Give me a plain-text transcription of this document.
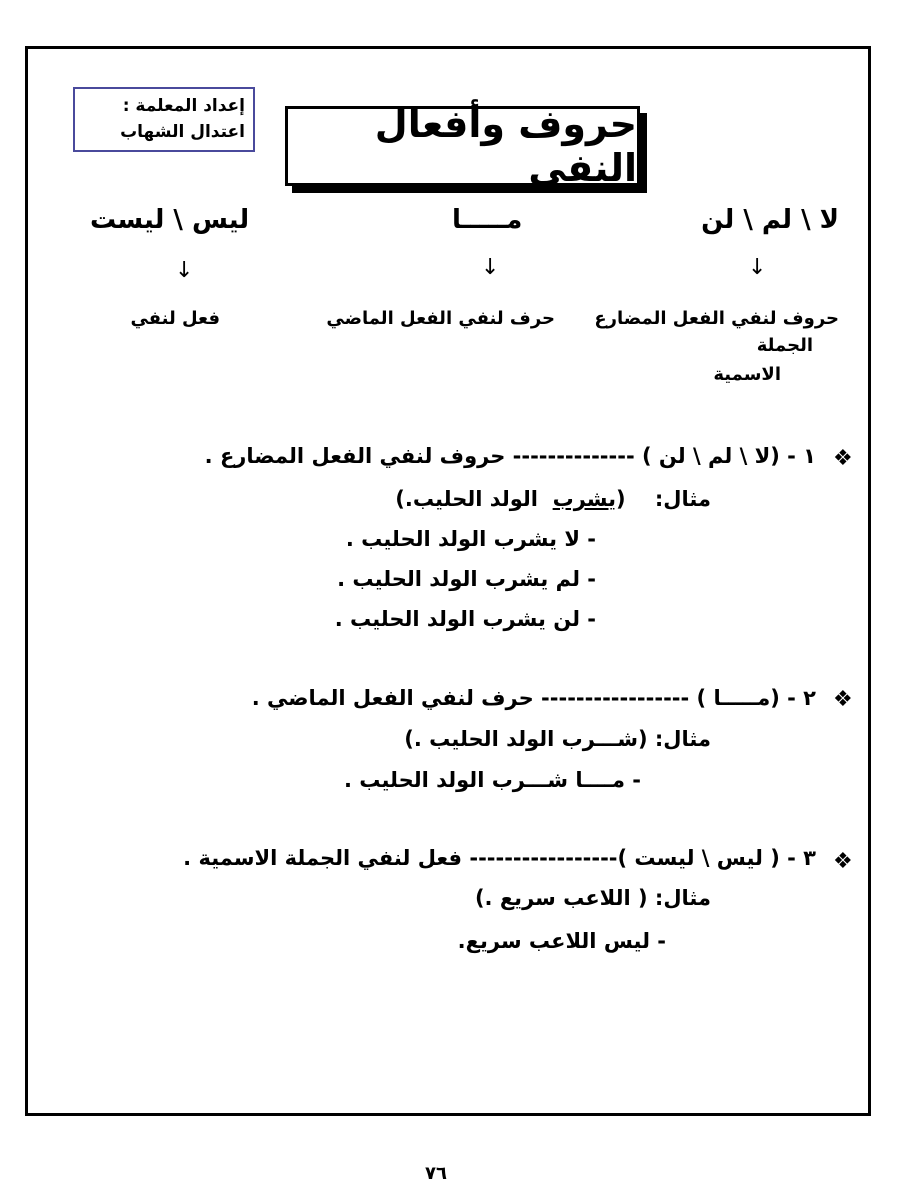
إعداد المعلمة :
اعتدال الشهاب	حروف وأفعال النفي
لا \ لم \ لن
مـــــا
ليس \ ليست
↓
↓
↓
حروف لنفي الفعل المضارع
الجملة
الاسمية
حرف لنفي الفعل الماضي
فعل لنفي
❖
١ - (لا \ لم \ لن ) -------------- حروف لنفي الفعل المضارع .
مثال:    (يشرب  الولد الحليب.)
- لا يشرب الولد الحليب .
- لم يشرب الولد الحليب .
- لن يشرب الولد الحليب .
❖
٢ - (مـــــا ) ----------------- حرف لنفي الفعل الماضي .
مثال: (شـــرب الولد الحليب .)
- مــــا شـــرب الولد الحليب .
❖
٣ - ( ليس \ ليست )----------------- فعل لنفي الجملة الاسمية .
مثال: ( اللاعب سريع .)
- ليس اللاعب سريع.
٧٦
